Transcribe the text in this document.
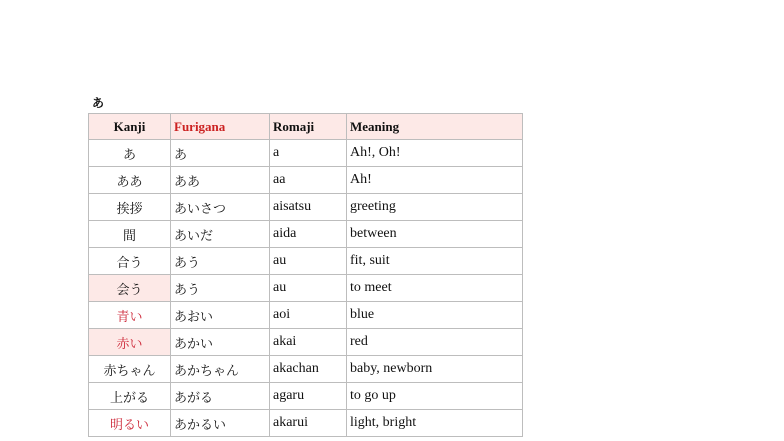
あ
Kanji	Furigana	Romaji	Meaning
あ	あ	a	Ah!, Oh!
ああ	ああ	aa	Ah!
挨拶	あいさつ	aisatsu	greeting
間	あいだ	aida	between
合う	あう	au	fit, suit
会う	あう	au	to meet
青い	あおい	aoi	blue
赤い	あかい	akai	red
赤ちゃん	あかちゃん	akachan	baby, newborn
上がる	あがる	agaru	to go up
明るい	あかるい	akarui	light, bright
